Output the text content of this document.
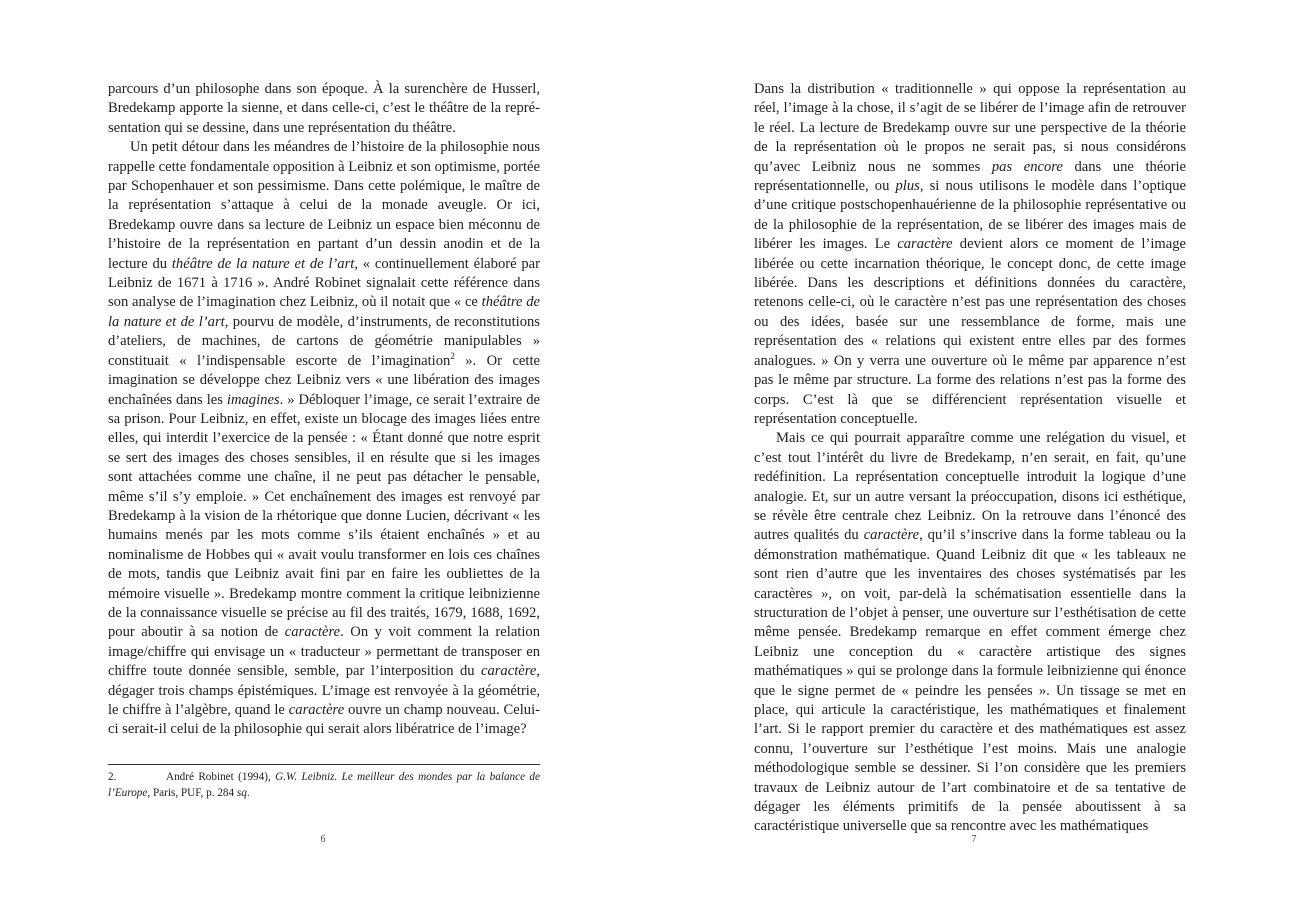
parcours d’un philosophe dans son époque. À la surenchère de Husserl, Bredekamp apporte la sienne, et dans celle-ci, c’est le théâtre de la représentation qui se dessine, dans une représentation du théâtre.

Un petit détour dans les méandres de l’histoire de la philosophie nous rappelle cette fondamentale opposition à Leibniz et son optimisme, portée par Schopenhauer et son pessimisme. Dans cette polémique, le maître de la représentation s’attaque à celui de la monade aveugle. Or ici, Bredekamp ouvre dans sa lecture de Leibniz un espace bien méconnu de l’histoire de la représentation en partant d’un dessin anodin et de la lecture du théâtre de la nature et de l’art, « continuellement élaboré par Leibniz de 1671 à 1716 ». André Robinet signalait cette référence dans son analyse de l’imagination chez Leibniz, où il notait que « ce théâtre de la nature et de l’art, pourvu de modèle, d’instruments, de reconstitutions d’ateliers, de machines, de cartons de géométrie manipulables » constituait « l’indispensable escorte de l’imagination$^2$ ». Or cette imagination se développe chez Leibniz vers « une libération des images enchaînées dans les imagines. » Débloquer l’image, ce serait l’extraire de sa prison. Pour Leibniz, en effet, existe un blocage des images liées entre elles, qui interdit l’exercice de la pensée : « Étant donné que notre esprit se sert des images des choses sensibles, il en résulte que si les images sont attachées comme une chaîne, il ne peut pas détacher le pensable, même s’il s’y emploie. » Cet enchaînement des images est renvoyé par Bredekamp à la vision de la rhétorique que donne Lucien, décrivant « les humains menés par les mots comme s’ils étaient enchaînés » et au nominalisme de Hobbes qui « avait voulu transformer en lois ces chaînes de mots, tandis que Leibniz avait fini par en faire les oubliettes de la mémoire visuelle ». Bredekamp montre comment la critique leibnizienne de la connaissance visuelle se précise au fil des traités, 1679, 1688, 1692, pour aboutir à sa notion de caractère. On y voit comment la relation image/chiffre qui envisage un « traducteur » permettant de transposer en chiffre toute donnée sensible, semble, par l’interposition du caractère, dégager trois champs épistémiques. L’image est renvoyée à la géométrie, le chiffre à l’algèbre, quand le caractère ouvre un champ nouveau. Celui-ci serait-il celui de la philosophie qui serait alors libératrice de l’image?

2.	André Robinet (1994), G.W. Leibniz. Le meilleur des mondes par la balance de l’Europe, Paris, PUF, p. 284 sq.
6

Dans la distribution « traditionnelle » qui oppose la représentation au réel, l’image à la chose, il s’agit de se libérer de l’image afin de retrouver le réel. La lecture de Bredekamp ouvre sur une perspective de la théorie de la représentation où le propos ne serait pas, si nous considérons qu’avec Leibniz nous ne sommes pas encore dans une théorie représentationnelle, ou plus, si nous utilisons le modèle dans l’optique d’une critique postschopenhauérienne de la philosophie représentative ou de la philosophie de la représentation, de se libérer des images mais de libérer les images. Le caractère devient alors ce moment de l’image libérée ou cette incarnation théorique, le concept donc, de cette image libérée. Dans les descriptions et définitions données du caractère, retenons celle-ci, où le caractère n’est pas une représentation des choses ou des idées, basée sur une ressemblance de forme, mais une représentation des « relations qui existent entre elles par des formes analogues. » On y verra une ouverture où le même par apparence n’est pas le même par structure. La forme des relations n’est pas la forme des corps. C’est là que se différencient représentation visuelle et représentation conceptuelle.

Mais ce qui pourrait apparaître comme une relégation du visuel, et c’est tout l’intérêt du livre de Bredekamp, n’en serait, en fait, qu’une redéfinition. La représentation conceptuelle introduit la logique d’une analogie. Et, sur un autre versant la préoccupation, disons ici esthétique, se révèle être centrale chez Leibniz. On la retrouve dans l’énoncé des autres qualités du caractère, qu’il s’inscrive dans la forme tableau ou la démonstration mathématique. Quand Leibniz dit que « les tableaux ne sont rien d’autre que les inventaires des choses systématisés par les caractères », on voit, par-delà la schématisation essentielle dans la structuration de l’objet à penser, une ouverture sur l’esthétisation de cette même pensée. Bredekamp remarque en effet comment émerge chez Leibniz une conception du « caractère artistique des signes mathématiques » qui se prolonge dans la formule leibnizienne qui énonce que le signe permet de « peindre les pensées ». Un tissage se met en place, qui articule la caractéristique, les mathématiques et finalement l’art. Si le rapport premier du caractère et des mathématiques est assez connu, l’ouverture sur l’esthétique l’est moins. Mais une analogie méthodologique semble se dessiner. Si l’on considère que les premiers travaux de Leibniz autour de l’art combinatoire et de sa tentative de dégager les éléments primitifs de la pensée aboutissent à sa caractéristique universelle que sa rencontre avec les mathématiques

7
